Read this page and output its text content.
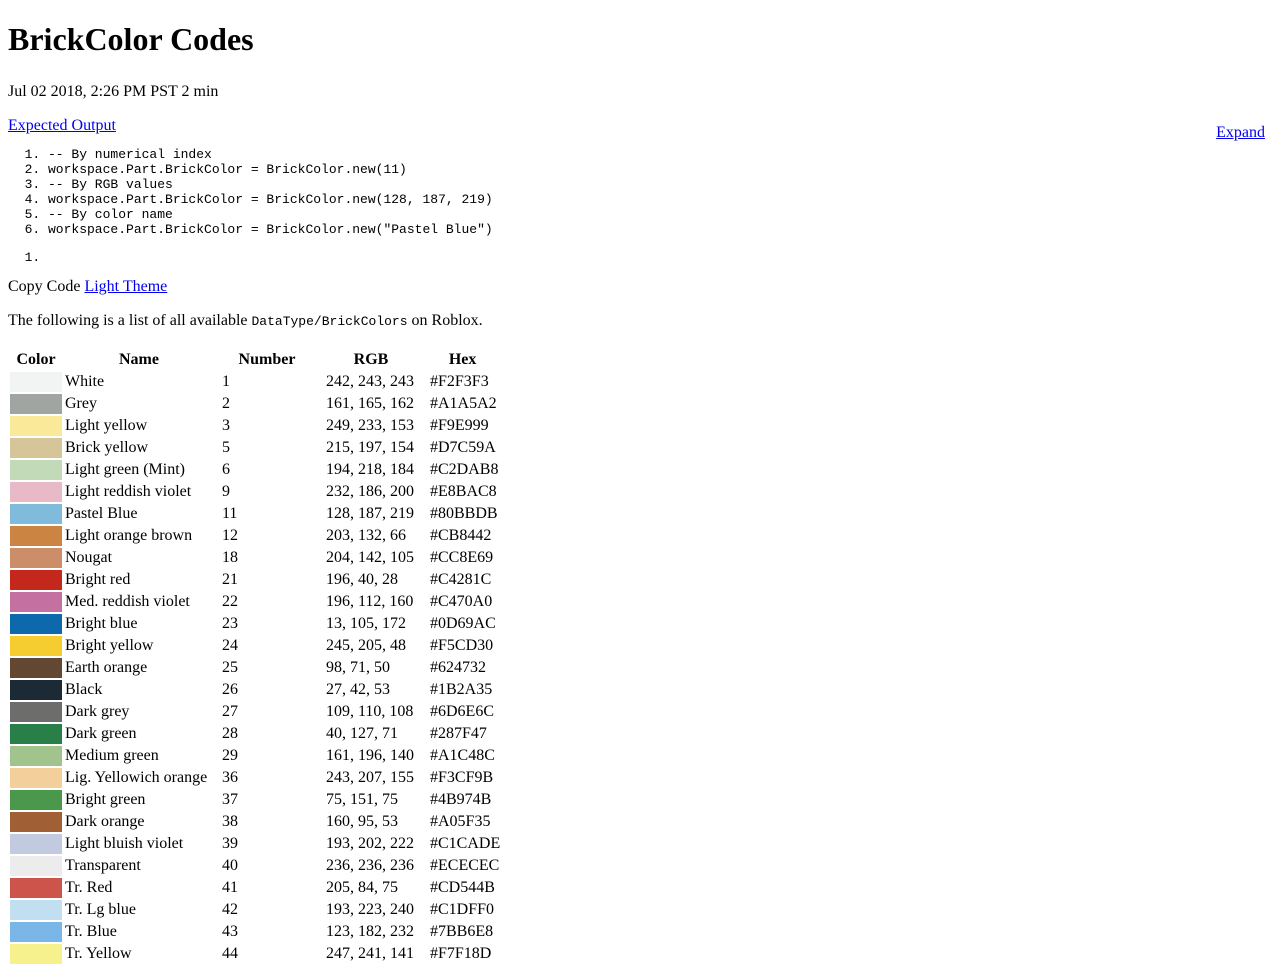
BrickColor Codes
Jul 02 2018, 2:26 PM PST 2 min
Expected Output	Expand
1. -- By numerical index
2. workspace.Part.BrickColor = BrickColor.new(11)
3. -- By RGB values
4. workspace.Part.BrickColor = BrickColor.new(128, 187, 219)
5. -- By color name
6. workspace.Part.BrickColor = BrickColor.new("Pastel Blue")
1.
Copy Code Light Theme

The following is a list of all available DataType/BrickColors on Roblox.

Color	Name	Number	RGB	Hex

	White	1	242, 243, 243	#F2F3F3

	Grey	2	161, 165, 162	#A1A5A2

	Light yellow	3	249, 233, 153	#F9E999

	Brick yellow	5	215, 197, 154	#D7C59A

	Light green (Mint)	6	194, 218, 184	#C2DAB8

	Light reddish violet	9	232, 186, 200	#E8BAC8

	Pastel Blue	11	128, 187, 219	#80BBDB

	Light orange brown	12	203, 132, 66	#CB8442

	Nougat	18	204, 142, 105	#CC8E69

	Bright red	21	196, 40, 28	#C4281C

	Med. reddish violet	22	196, 112, 160	#C470A0

	Bright blue	23	13, 105, 172	#0D69AC

	Bright yellow	24	245, 205, 48	#F5CD30

	Earth orange	25	98, 71, 50	#624732

	Black	26	27, 42, 53	#1B2A35

	Dark grey	27	109, 110, 108	#6D6E6C

	Dark green	28	40, 127, 71	#287F47

	Medium green	29	161, 196, 140	#A1C48C

	Lig. Yellowich orange	36	243, 207, 155	#F3CF9B

	Bright green	37	75, 151, 75	#4B974B

	Dark orange	38	160, 95, 53	#A05F35

	Light bluish violet	39	193, 202, 222	#C1CADE

	Transparent	40	236, 236, 236	#ECECEC

	Tr. Red	41	205, 84, 75	#CD544B

	Tr. Lg blue	42	193, 223, 240	#C1DFF0

	Tr. Blue	43	123, 182, 232	#7BB6E8

	Tr. Yellow	44	247, 241, 141	#F7F18D
